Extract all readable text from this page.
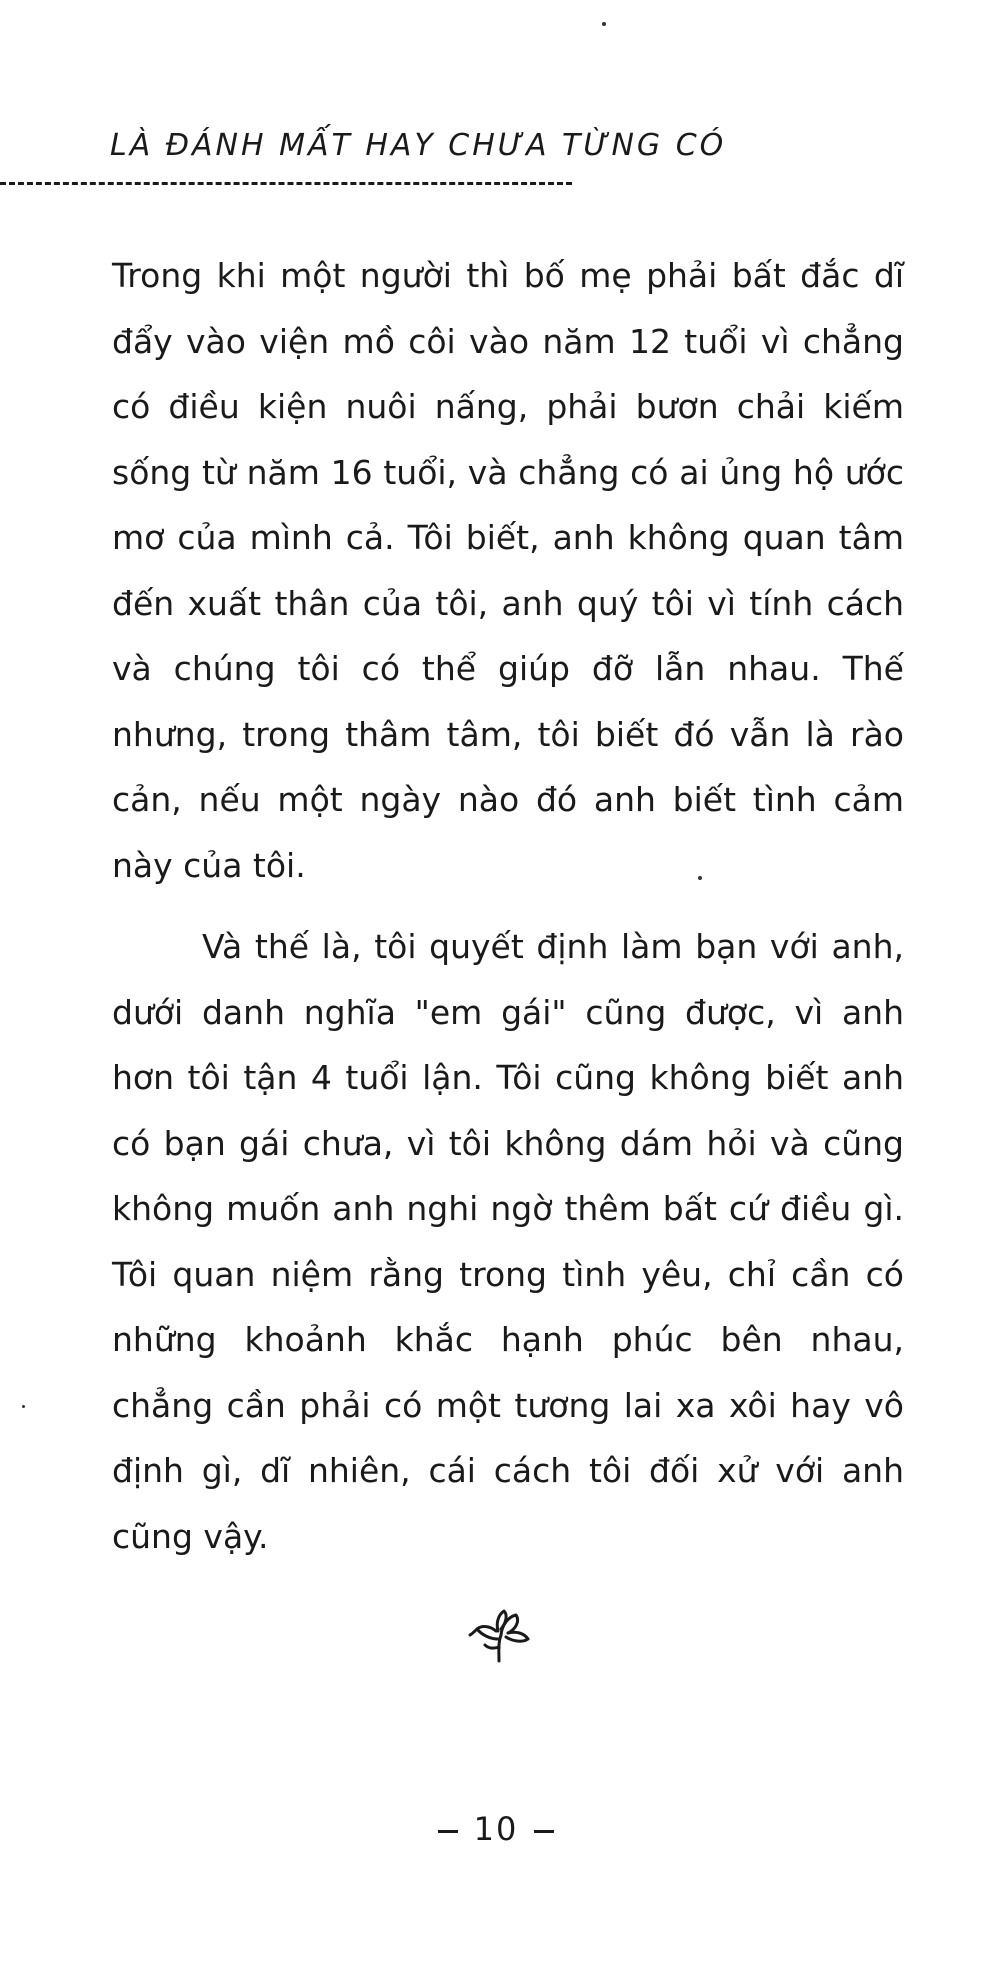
LÀ ĐÁNH MẤT HAY CHƯA TỪNG CÓ

Trong khi một người thì bố mẹ phải bất đắc dĩ đẩy vào viện mồ côi vào năm 12 tuổi vì chẳng có điều kiện nuôi nấng, phải bươn chải kiếm sống từ năm 16 tuổi, và chẳng có ai ủng hộ ước mơ của mình cả. Tôi biết, anh không quan tâm đến xuất thân của tôi, anh quý tôi vì tính cách và chúng tôi có thể giúp đỡ lẫn nhau. Thế nhưng, trong thâm tâm, tôi biết đó vẫn là rào cản, nếu một ngày nào đó anh biết tình cảm này của tôi.

Và thế là, tôi quyết định làm bạn với anh, dưới danh nghĩa "em gái" cũng được, vì anh hơn tôi tận 4 tuổi lận. Tôi cũng không biết anh có bạn gái chưa, vì tôi không dám hỏi và cũng không muốn anh nghi ngờ thêm bất cứ điều gì. Tôi quan niệm rằng trong tình yêu, chỉ cần có những khoảnh khắc hạnh phúc bên nhau, chẳng cần phải có một tương lai xa xôi hay vô định gì, dĩ nhiên, cái cách tôi đối xử với anh cũng vậy.

10
